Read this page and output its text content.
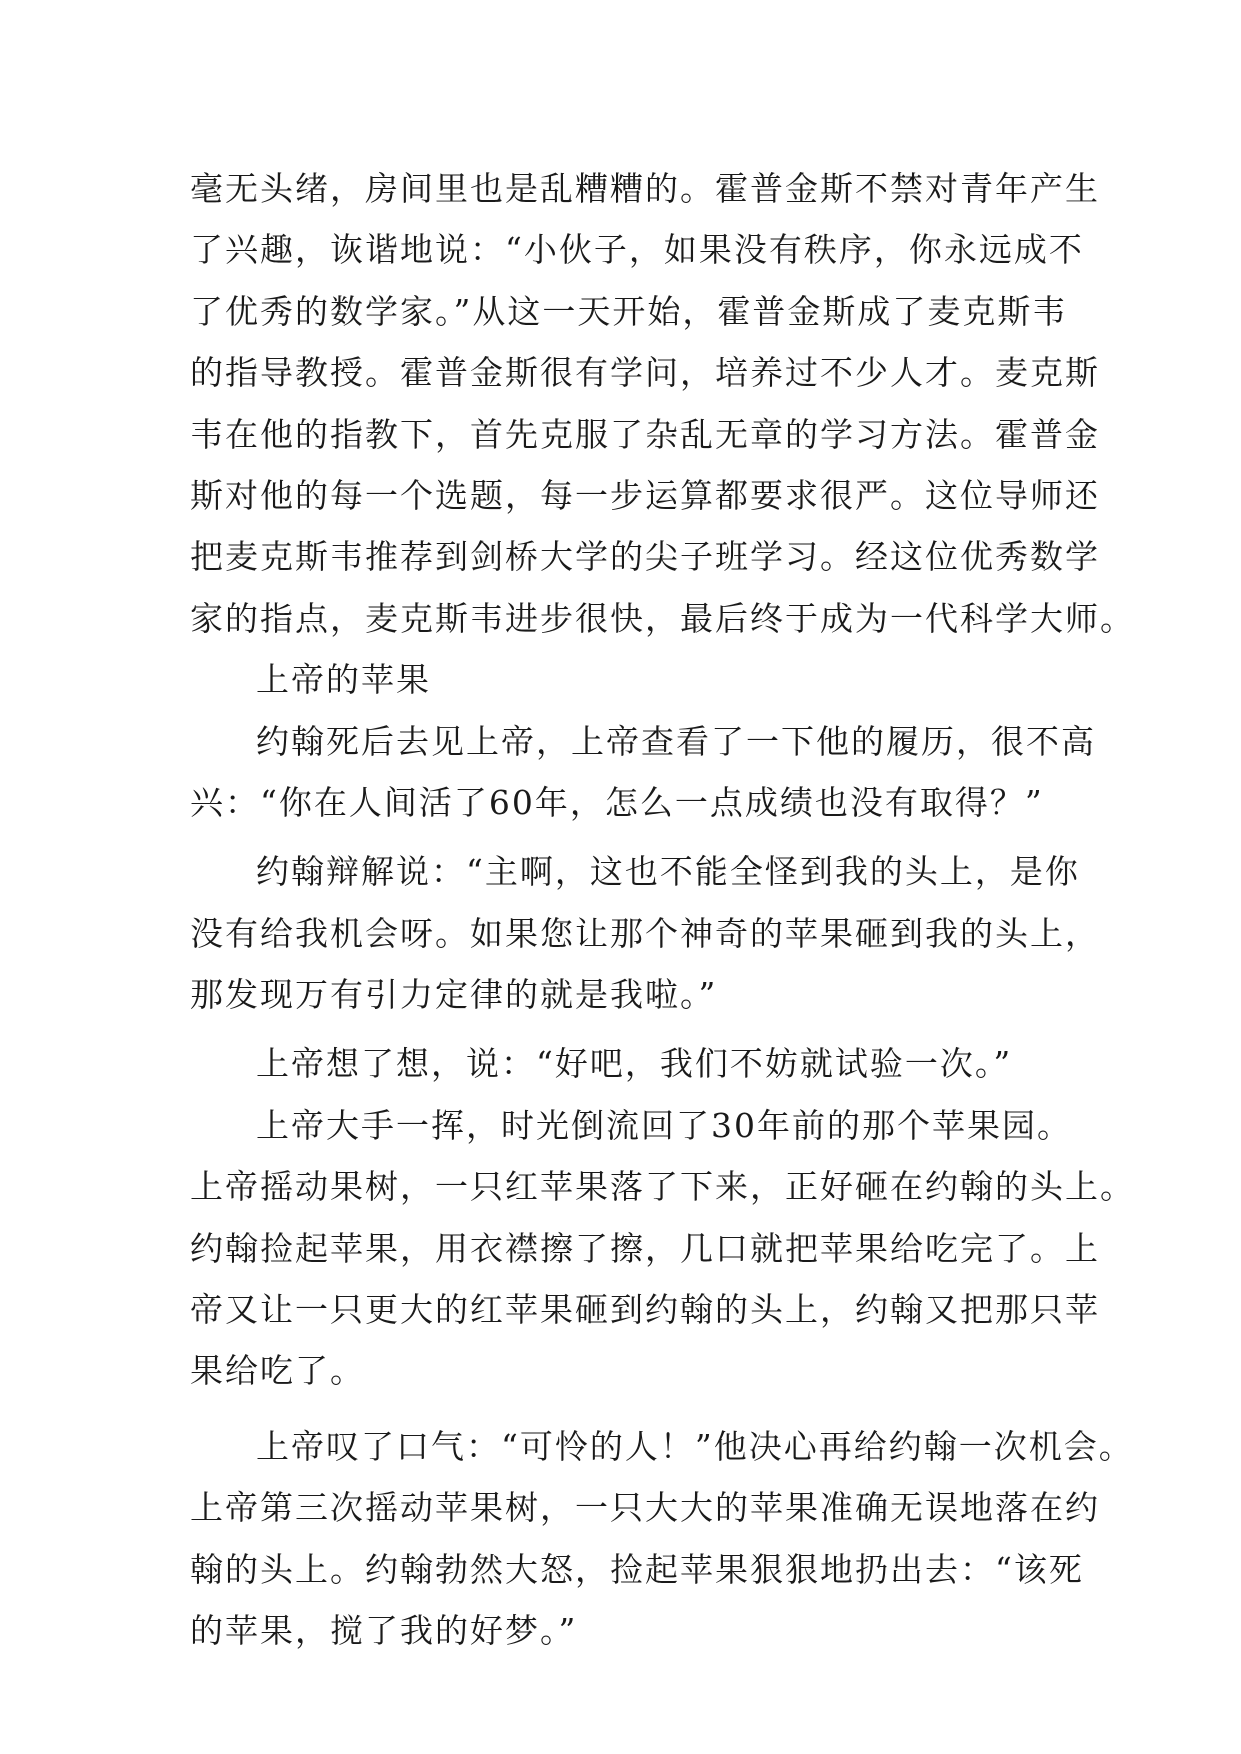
毫无头绪，房间里也是乱糟糟的。霍普金斯不禁对青年产生
了兴趣，诙谐地说：“小伙子，如果没有秩序，你永远成不
了优秀的数学家。”从这一天开始，霍普金斯成了麦克斯韦
的指导教授。霍普金斯很有学问，培养过不少人才。麦克斯
韦在他的指教下，首先克服了杂乱无章的学习方法。霍普金
斯对他的每一个选题，每一步运算都要求很严。这位导师还
把麦克斯韦推荐到剑桥大学的尖子班学习。经这位优秀数学
家的指点，麦克斯韦进步很快，最后终于成为一代科学大师。
上帝的苹果
约翰死后去见上帝，上帝查看了一下他的履历，很不高
兴：“你在人间活了60年，怎么一点成绩也没有取得？”
约翰辩解说：“主啊，这也不能全怪到我的头上，是你
没有给我机会呀。如果您让那个神奇的苹果砸到我的头上，
那发现万有引力定律的就是我啦。”
上帝想了想，说：“好吧，我们不妨就试验一次。”
上帝大手一挥，时光倒流回了30年前的那个苹果园。
上帝摇动果树，一只红苹果落了下来，正好砸在约翰的头上。
约翰捡起苹果，用衣襟擦了擦，几口就把苹果给吃完了。上
帝又让一只更大的红苹果砸到约翰的头上，约翰又把那只苹
果给吃了。
上帝叹了口气：“可怜的人！”他决心再给约翰一次机会。
上帝第三次摇动苹果树，一只大大的苹果准确无误地落在约
翰的头上。约翰勃然大怒，捡起苹果狠狠地扔出去：“该死
的苹果，搅了我的好梦。”
